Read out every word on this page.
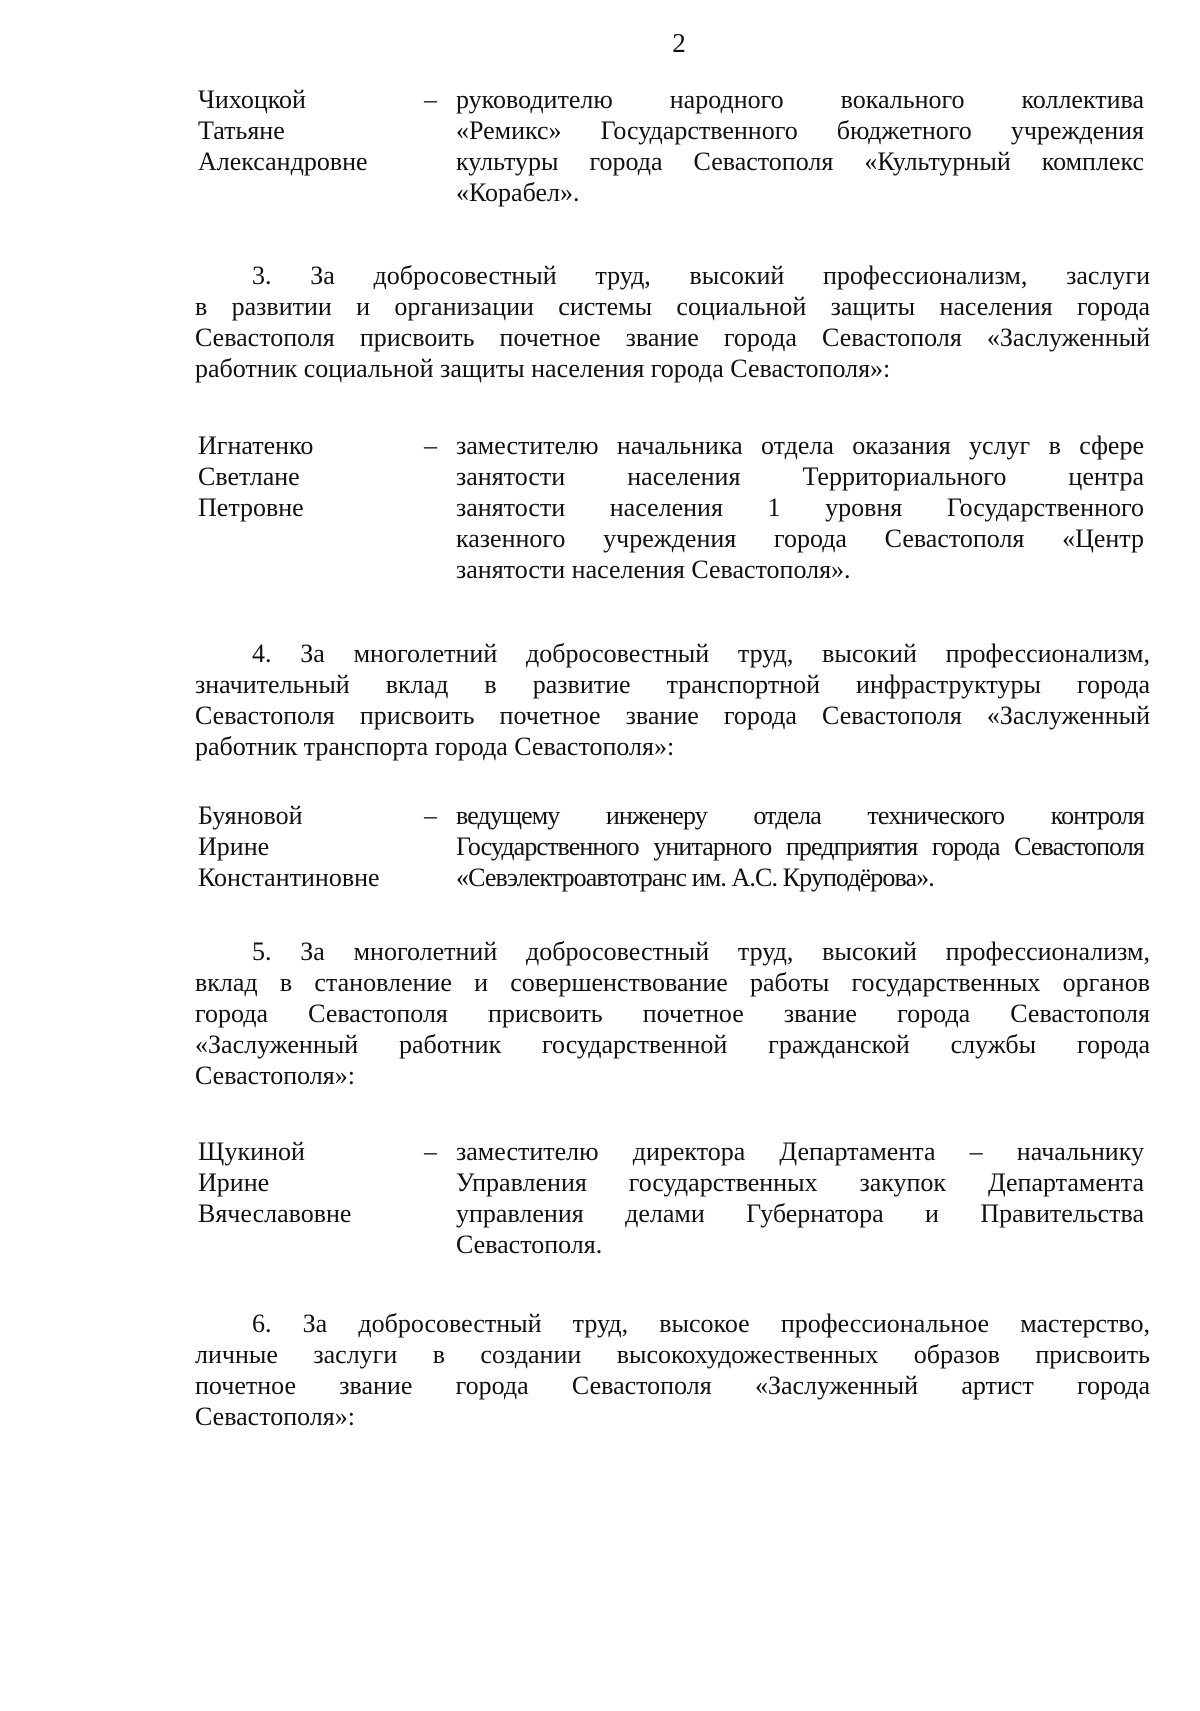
2
Чихоцкой
Татьяне
Александровне
– руководителю народного вокального коллектива
«Ремикс» Государственного бюджетного учреждения
культуры города Севастополя «Культурный комплекс
«Корабел».
3. За добросовестный труд, высокий профессионализм, заслуги
в развитии и организации системы социальной защиты населения города
Севастополя присвоить почетное звание города Севастополя «Заслуженный
работник социальной защиты населения города Севастополя»:
Игнатенко
Светлане
Петровне
– заместителю начальника отдела оказания услуг в сфере
занятости населения Территориального центра
занятости населения 1 уровня Государственного
казенного учреждения города Севастополя «Центр
занятости населения Севастополя».
4. За многолетний добросовестный труд, высокий профессионализм,
значительный вклад в развитие транспортной инфраструктуры города
Севастополя присвоить почетное звание города Севастополя «Заслуженный
работник транспорта города Севастополя»:
Буяновой
Ирине
Константиновне
– ведущему инженеру отдела технического контроля
Государственного унитарного предприятия города Севастополя
«Севэлектроавтотранс им. А.С. Круподёрова».
5. За многолетний добросовестный труд, высокий профессионализм,
вклад в становление и совершенствование работы государственных органов
города Севастополя присвоить почетное звание города Севастополя
«Заслуженный работник государственной гражданской службы города
Севастополя»:
Щукиной
Ирине
Вячеславовне
– заместителю директора Департамента – начальнику
Управления государственных закупок Департамента
управления делами Губернатора и Правительства
Севастополя.
6. За добросовестный труд, высокое профессиональное мастерство,
личные заслуги в создании высокохудожественных образов присвоить
почетное звание города Севастополя «Заслуженный артист города
Севастополя»:
